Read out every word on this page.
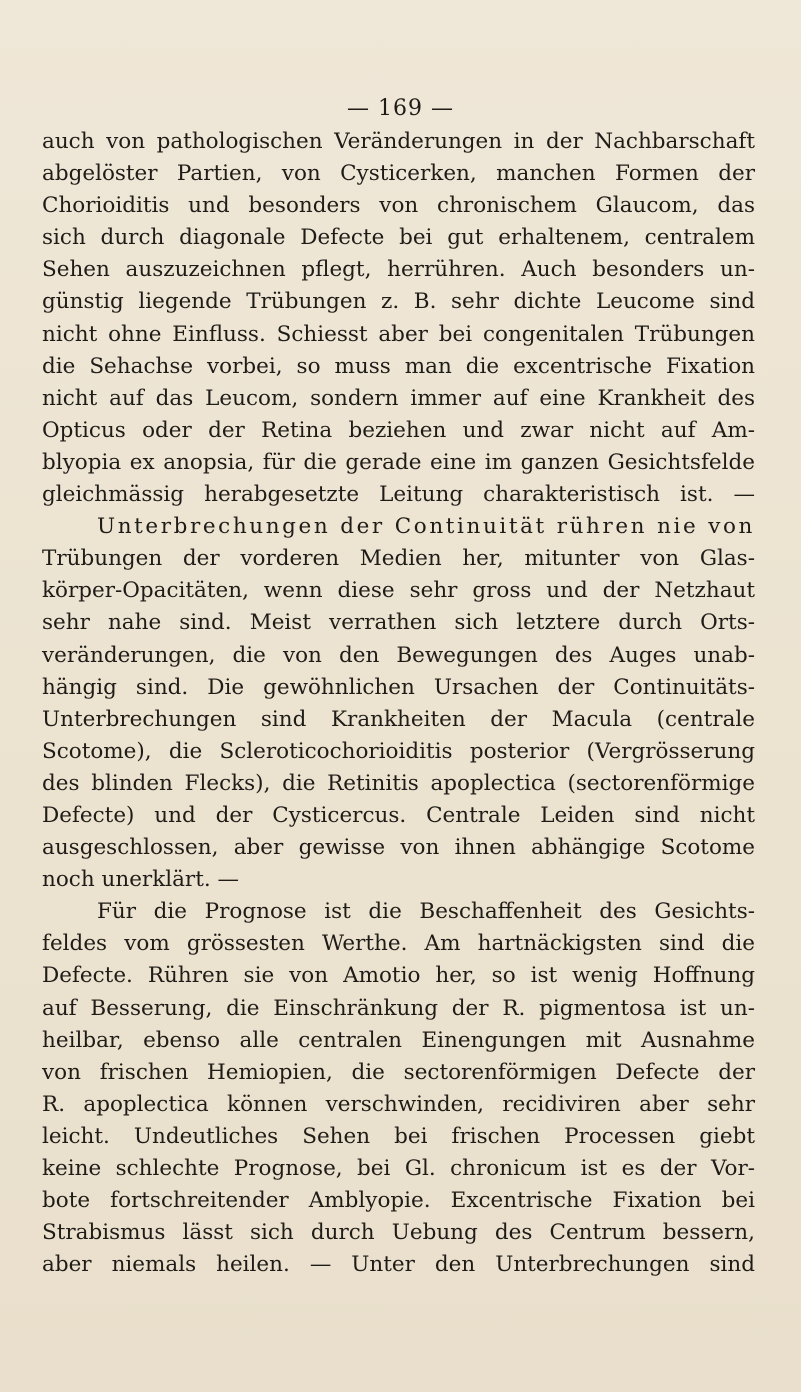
— 169 —
auch von pathologischen Veränderungen in der Nachbarschaft
abgelöster Partien, von Cysticerken, manchen Formen der
Chorioiditis und besonders von chronischem Glaucom, das
sich durch diagonale Defecte bei gut erhaltenem, centralem
Sehen auszuzeichnen pflegt, herrühren. Auch besonders un-
günstig liegende Trübungen z. B. sehr dichte Leucome sind
nicht ohne Einfluss. Schiesst aber bei congenitalen Trübungen
die Sehachse vorbei, so muss man die excentrische Fixation
nicht auf das Leucom, sondern immer auf eine Krankheit des
Opticus oder der Retina beziehen und zwar nicht auf Am-
blyopia ex anopsia, für die gerade eine im ganzen Gesichtsfelde
gleichmässig herabgesetzte Leitung charakteristisch ist. —
Unterbrechungen der Continuität rühren nie von
Trübungen der vorderen Medien her, mitunter von Glas-
körper-Opacitäten, wenn diese sehr gross und der Netzhaut
sehr nahe sind. Meist verrathen sich letztere durch Orts-
veränderungen, die von den Bewegungen des Auges unab-
hängig sind. Die gewöhnlichen Ursachen der Continuitäts-
Unterbrechungen sind Krankheiten der Macula (centrale
Scotome), die Scleroticochorioiditis posterior (Vergrösserung
des blinden Flecks), die Retinitis apoplectica (sectorenförmige
Defecte) und der Cysticercus. Centrale Leiden sind nicht
ausgeschlossen, aber gewisse von ihnen abhängige Scotome
noch unerklärt. —
Für die Prognose ist die Beschaffenheit des Gesichts-
feldes vom grössesten Werthe. Am hartnäckigsten sind die
Defecte. Rühren sie von Amotio her, so ist wenig Hoffnung
auf Besserung, die Einschränkung der R. pigmentosa ist un-
heilbar, ebenso alle centralen Einengungen mit Ausnahme
von frischen Hemiopien, die sectorenförmigen Defecte der
R. apoplectica können verschwinden, recidiviren aber sehr
leicht. Undeutliches Sehen bei frischen Processen giebt
keine schlechte Prognose, bei Gl. chronicum ist es der Vor-
bote fortschreitender Amblyopie. Excentrische Fixation bei
Strabismus lässt sich durch Uebung des Centrum bessern,
aber niemals heilen. — Unter den Unterbrechungen sind
